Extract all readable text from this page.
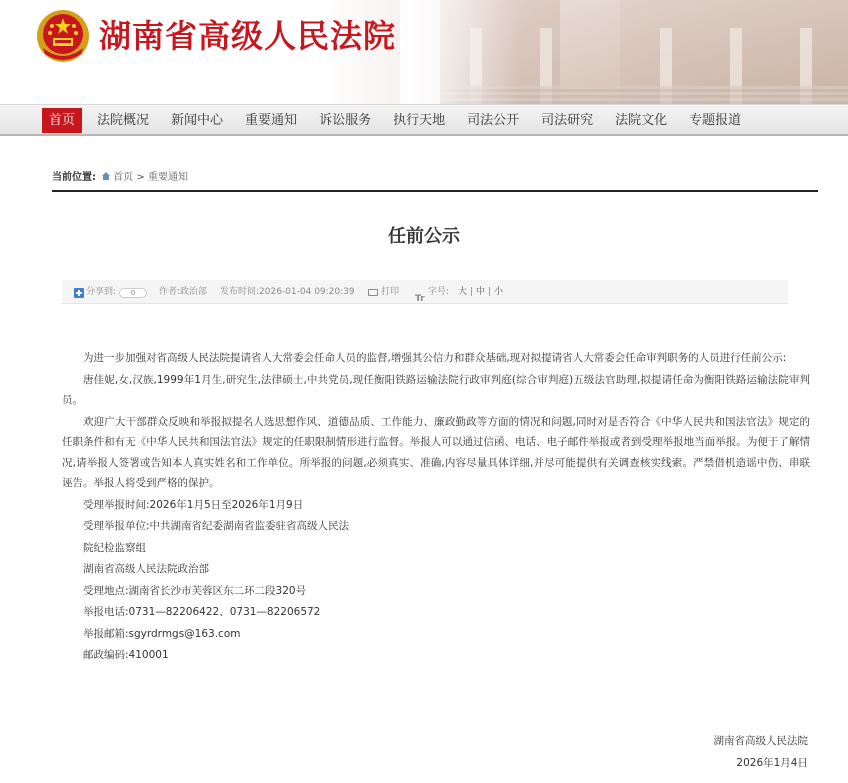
湖南省高级人民法院
首页	法院概况	新闻中心	重要通知	诉讼服务	执行天地	司法公开	司法研究	法院文化	专题报道
当前位置: 首页 > 重要通知
任前公示
分享到:	0	作者:政治部 发布时间:2026-01-04 09:20:39	打印
Tr
字号: 大 | 中 | 小

为进一步加强对省高级人民法院提请省人大常委会任命人员的监督,增强其公信力和群众基础,现对拟提请省人大常委会任命审判职务的人员进行任前公示:

唐佳妮,女,汉族,1999年1月生,研究生,法律硕士,中共党员,现任衡阳铁路运输法院行政审判庭(综合审判庭)五级法官助理,拟提请任命为衡阳铁路运输法院审判员。

欢迎广大干部群众反映和举报拟提名人选思想作风、道德品质、工作能力、廉政勤政等方面的情况和问题,同时对是否符合《中华人民共和国法官法》规定的任职条件和有无《中华人民共和国法官法》规定的任职限制情形进行监督。举报人可以通过信函、电话、电子邮件举报或者到受理举报地当面举报。为便于了解情况,请举报人签署或告知本人真实姓名和工作单位。所举报的问题,必须真实、准确,内容尽量具体详细,并尽可能提供有关调查核实线索。严禁借机造谣中伤、串联诬告。举报人将受到严格的保护。

受理举报时间:2026年1月5日至2026年1月9日

受理举报单位:中共湖南省纪委湖南省监委驻省高级人民法

院纪检监察组

湖南省高级人民法院政治部

受理地点:湖南省长沙市芙蓉区东二环二段320号

举报电话:0731—82206422、0731—82206572

举报邮箱:sgyrdrmgs@163.com

邮政编码:410001

湖南省高级人民法院
2026年1月4日
